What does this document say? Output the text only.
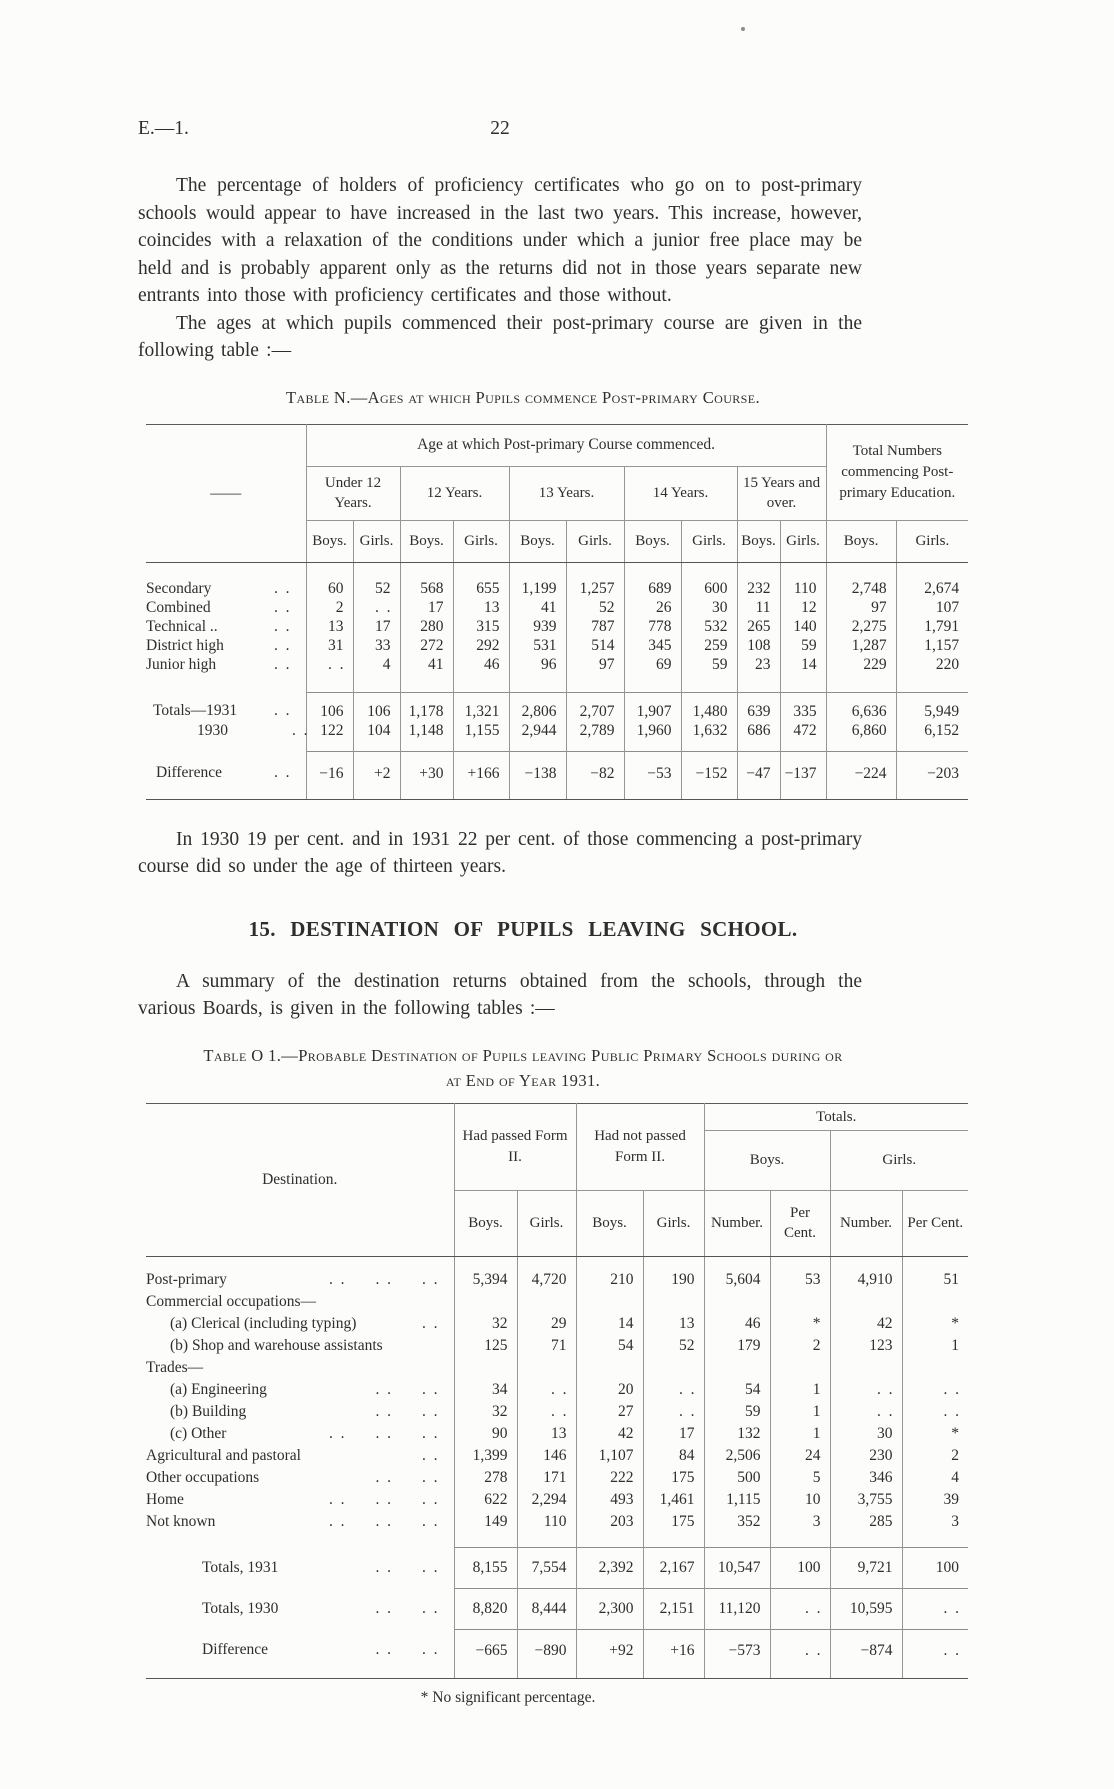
E.—1.	22

The percentage of holders of proficiency certificates who go on to post-primary schools would appear to have increased in the last two years. This increase, however, coincides with a relaxation of the conditions under which a junior free place may be held and is probably apparent only as the returns did not in those years separate new entrants into those with proficiency certificates and those without.

The ages at which pupils commenced their post-primary course are given in the following table :—

Table N.—Ages at which Pupils commence Post-primary Course.
——	Age at which Post-primary Course commenced.										Total Numbers commencing Post-primary Education.	
	Under 12 Years.		12 Years.		13 Years.		14 Years.		15 Years and over.			
	Boys.	Girls.	Boys.	Girls.	Boys.	Girls.	Boys.	Girls.	Boys.	Girls.	Boys.	Girls.

Secondary . .	60	52	568	655	1,199	1,257	689	600	232	110	2,748	2,674

Combined . .	2	. .	17	13	41	52	26	30	11	12	97	107

Technical .. . .	13	17	280	315	939	787	778	532	265	140	2,275	1,791

District high . .	31	33	272	292	531	514	345	259	108	59	1,287	1,157

Junior high . .	. .	4	41	46	96	97	69	59	23	14	229	220

Totals—1931 . .	106	106	1,178	1,321	2,806	2,707	1,907	1,480	639	335	6,636	5,949

1930 . .	122	104	1,148	1,155	2,944	2,789	1,960	1,632	686	472	6,860	6,152

Difference . .	−16	+2	+30	+166	−138	−82	−53	−152	−47	−137	−224	−203

In 1930 19 per cent. and in 1931 22 per cent. of those commencing a post-primary course did so under the age of thirteen years.

15. DESTINATION OF PUPILS LEAVING SCHOOL.

A summary of the destination returns obtained from the schools, through the various Boards, is given in the following tables :—

Table O 1.—Probable Destination of Pupils leaving Public Primary Schools during or
at End of Year 1931.
Destination.	Had passed Form II.		Had not passed Form II.		Totals.			
					Boys.		Girls.	
	Boys.	Girls.	Boys.	Girls.	Number.	Per Cent.	Number.	Per Cent.

Post-primary . .  . .  . .	5,394	4,720	210	190	5,604	53	4,910	51

Commercial occupations—								

(a) Clerical (including typing) . .	32	29	14	13	46	*	42	*

(b) Shop and warehouse assistants	125	71	54	52	179	2	123	1

Trades—								

(a) Engineering . .  . .	34	. .	20	. .	54	1	. .	. .

(b) Building . .  . .	32	. .	27	. .	59	1	. .	. .

(c) Other . .  . .  . .	90	13	42	17	132	1	30	*

Agricultural and pastoral . .	1,399	146	1,107	84	2,506	24	230	2

Other occupations . .  . .	278	171	222	175	500	5	346	4

Home . .  . .  . .	622	2,294	493	1,461	1,115	10	3,755	39

Not known . .  . .  . .	149	110	203	175	352	3	285	3

Totals, 1931 . .  . .	8,155	7,554	2,392	2,167	10,547	100	9,721	100

Totals, 1930 . .  . .	8,820	8,444	2,300	2,151	11,120	. .	10,595	. .

Difference . .  . .	−665	−890	+92	+16	−573	. .	−874	. .
* No significant percentage.
